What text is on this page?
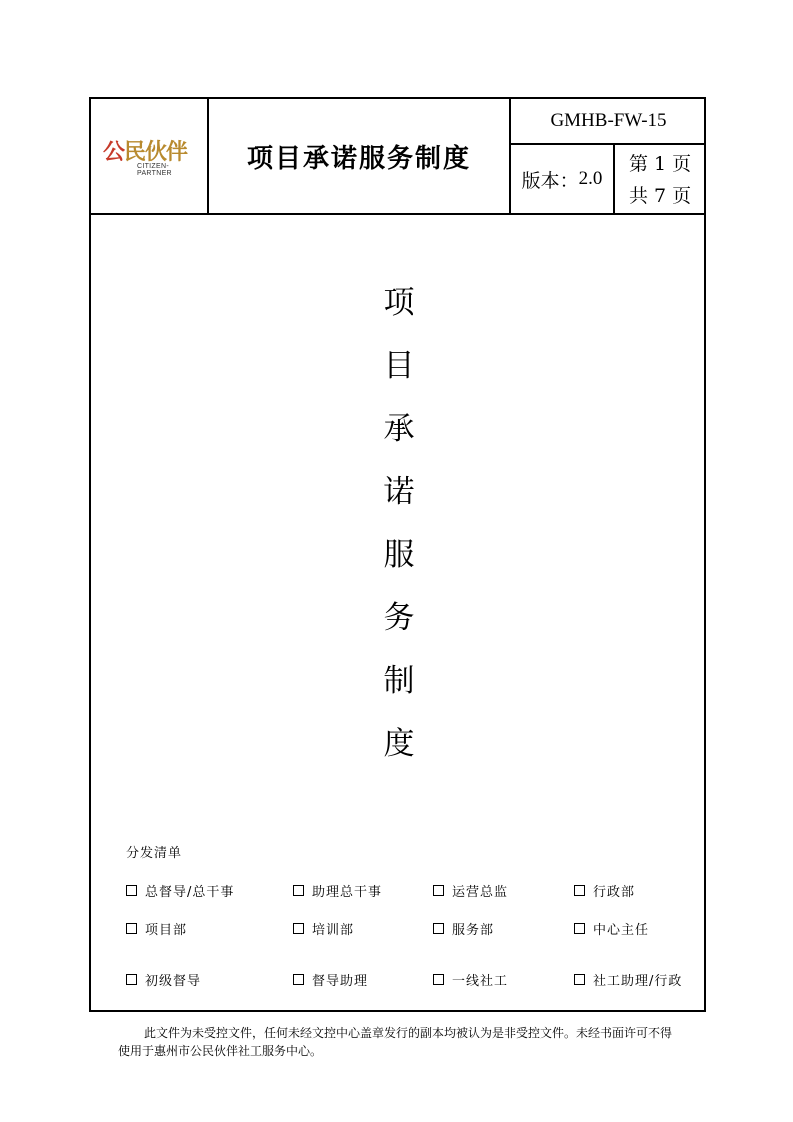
公民伙伴
CITIZEN-PARTNER	项目承诺服务制度
GMHB-FW-15
版本： 2.0
第 1 页
共 7 页
项
目
承
诺
服
务
制
度
分发清单
总督导/总干事	助理总干事	运营总监	行政部
项目部	培训部	服务部	中心主任
初级督导	督导助理	一线社工	社工助理/行政
此文件为未受控文件，任何未经文控中心盖章发行的副本均被认为是非受控文件。未经书面许可不得
使用于惠州市公民伙伴社工服务中心。
